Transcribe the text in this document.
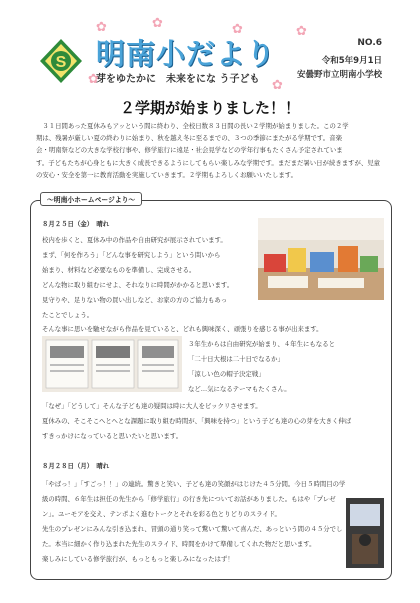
✿	✿	✿	✿
✿	✿
S 明南小だより
芽をゆたかに　未来をにな う子ども
NO.6
令和5年9月1日
安曇野市立明南小学校
２学期が始まりました！！

　３１日間あった夏休みもアッという間に終わり、全校日数８３日間の長い２学期が始まりました。この２学

期は、残暑が厳しい夏の終わりに始まり、秋を越え冬に至るまでの、３つの季節にまたがる学期です。音楽

会・明南祭などの大きな学校行事や、修学旅行に遠足・社会見学などの学年行事もたくさん予定されていま

す。子どもたちが心身ともに大きく成長できるようにしてもらい楽しみな学期です。まだまだ暑い日が続きますが、児童

の安心・安全を第一に教育活動を実施していきます。２学期もよろしくお願いいたします。

～明南小ホームページより～
８月２５日（金）　晴れ
校内を歩くと、夏休み中の作品や自由研究が展示されています。
まず、「何を作ろう」「どんな事を研究しよう」という問いから
始まり、材料など必要なものを準備し、完成させる。
どんな物に取り組むにせよ、それなりに時間がかかると思います。
見守りや、足りない物の買い出しなど、お家の方のご協力もあっ
たことでしょう。
そんな事に思いを馳せながら作品を見ていると、どれも興味深く、頑張りを感じる事が出来ます。
３年生からは自由研究が始まり、４年生にもなると
「二十日大根は二十日でなるか」
「涼しい色の帽子決定戦」
など…気になるテーマもたくさん。
「なぜ」「どうして」そんな子ども達の疑問は時に大人をビックリさせます。
夏休みの、そこそこへとへとな課題に取り組む時間が、「興味を持つ」という子ども達の心の芽を大きく伸ば
すきっかけになっていると思いたいと思います。
８月２８日（月）　晴れ
「やばっ！」「すごっ！！」の連続。驚きと笑い、子ども達の笑顔がはじけた４５分間。今日５時間目の学
級の時間、６年生は担任の先生から「修学旅行」の行き先についてお話がありました。もはや「プレゼ
ン」。ユーモアを交え、テンポよく進むトークとそれを彩る色とりどりのスライド。
先生のプレゼンにみんな引き込まれ、冒頭の通り笑って驚いて驚いて喜んだ、あっという間の４５分でし
た。本当に細かく作り込まれた先生のスライド、時間をかけて準備してくれた物だと思います。
楽しみにしている修学旅行が、もっともっと楽しみになったはず！
